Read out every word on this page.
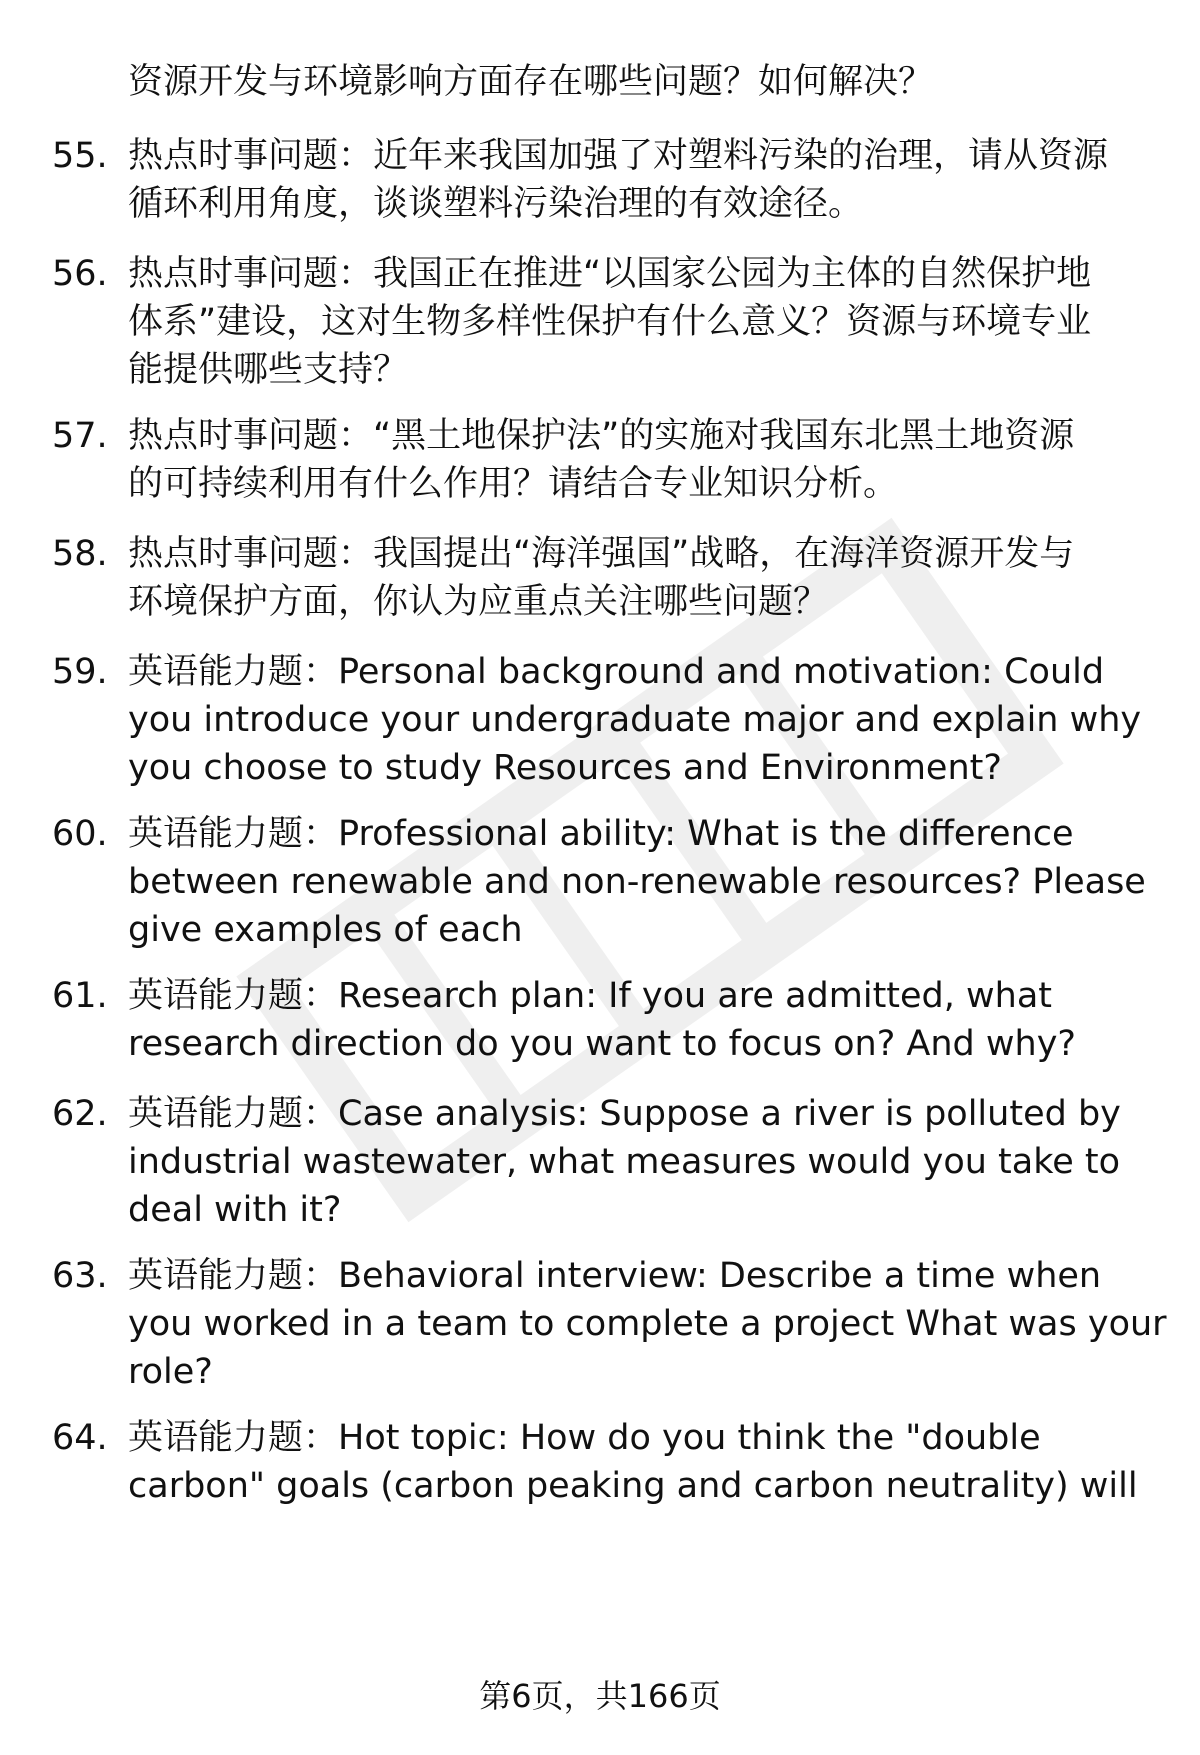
资源开发与环境影响方面存在哪些问题？如何解决？
55. 热点时事问题：近年来我国加强了对塑料污染的治理，请从资源
循环利用角度，谈谈塑料污染治理的有效途径。
56. 热点时事问题：我国正在推进“以国家公园为主体的自然保护地
体系”建设，这对生物多样性保护有什么意义？资源与环境专业
能提供哪些支持？
57. 热点时事问题：“黑土地保护法”的实施对我国东北黑土地资源
的可持续利用有什么作用？请结合专业知识分析。
58. 热点时事问题：我国提出“海洋强国”战略，在海洋资源开发与
环境保护方面，你认为应重点关注哪些问题？
59. 英语能力题：Personal background and motivation: Could
you introduce your undergraduate major and explain why
you choose to study Resources and Environment?
60. 英语能力题：Professional ability: What is the difference
between renewable and non-renewable resources? Please
give examples of each
61. 英语能力题：Research plan: If you are admitted, what
research direction do you want to focus on? And why?
62. 英语能力题：Case analysis: Suppose a river is polluted by
industrial wastewater, what measures would you take to
deal with it?
63. 英语能力题：Behavioral interview: Describe a time when
you worked in a team to complete a project What was your
role?
64. 英语能力题：Hot topic: How do you think the "double
carbon" goals (carbon peaking and carbon neutrality) will
第6页，共166页
